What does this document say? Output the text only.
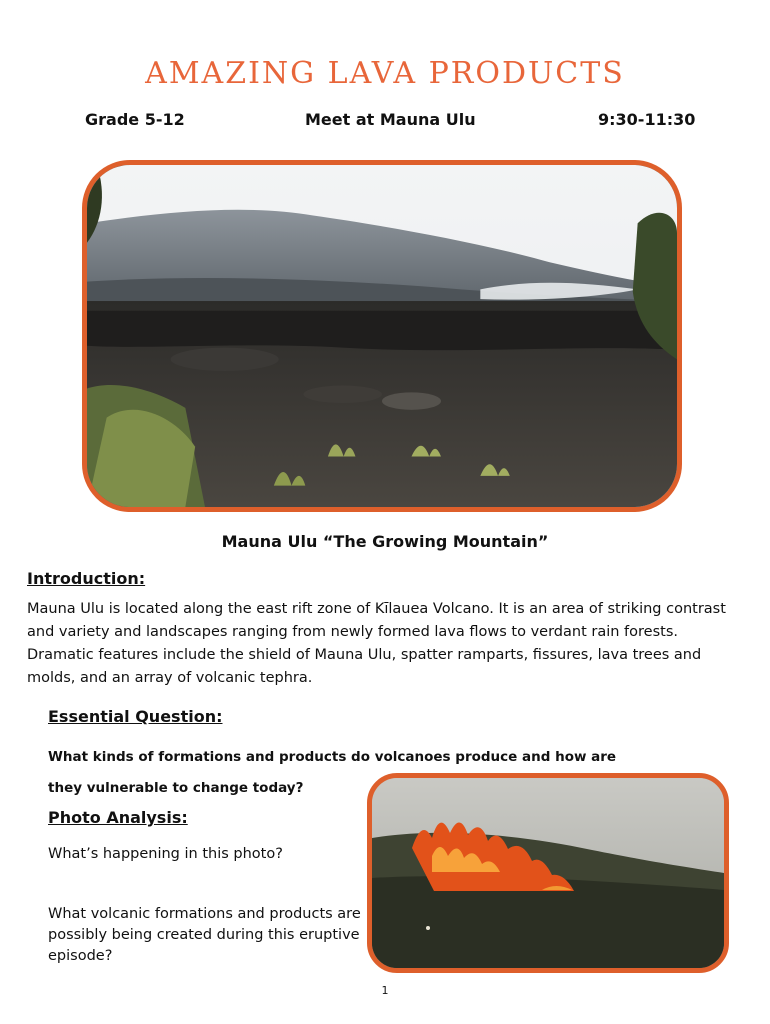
AMAZING LAVA PRODUCTS
Grade 5-12	Meet at Mauna Ulu	9:30-11:30
Mauna Ulu “The Growing Mountain”
Introduction:
Mauna Ulu is located along the east rift zone of Kīlauea Volcano. It is an area of striking contrast and variety and landscapes ranging from newly formed lava flows to verdant rain forests. Dramatic features include the shield of Mauna Ulu, spatter ramparts, fissures, lava trees and molds, and an array of volcanic tephra.
Essential Question:
What kinds of formations and products do volcanoes produce and how are they vulnerable to change today?
Photo Analysis:
What’s happening in this photo?
What volcanic formations and products are possibly being created during this eruptive episode?
1
